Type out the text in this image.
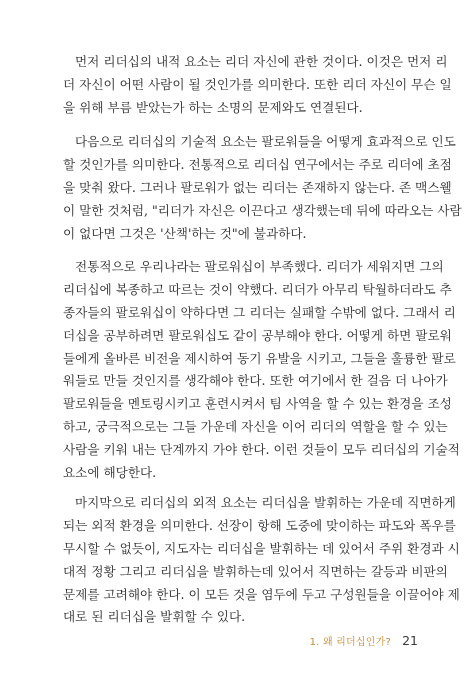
먼저 리더십의 내적 요소는 리더 자신에 관한 것이다. 이것은 먼저 리
더 자신이 어떤 사람이 될 것인가를 의미한다. 또한 리더 자신이 무슨 일
을 위해 부름 받았는가 하는 소명의 문제와도 연결된다.
다음으로 리더십의 기술적 요소는 팔로워들을 어떻게 효과적으로 인도
할 것인가를 의미한다. 전통적으로 리더십 연구에서는 주로 리더에 초점
을 맞춰 왔다. 그러나 팔로워가 없는 리더는 존재하지 않는다. 존 맥스웰
이 말한 것처럼, "리더가 자신은 이끈다고 생각했는데 뒤에 따라오는 사람
이 없다면 그것은 '산책'하는 것"에 불과하다.
전통적으로 우리나라는 팔로워십이 부족했다. 리더가 세워지면 그의
리더십에 복종하고 따르는 것이 약했다. 리더가 아무리 탁월하더라도 추
종자들의 팔로워십이 약하다면 그 리더는 실패할 수밖에 없다. 그래서 리
더십을 공부하려면 팔로워십도 같이 공부해야 한다. 어떻게 하면 팔로워
들에게 올바른 비전을 제시하여 동기 유발을 시키고, 그들을 훌륭한 팔로
워들로 만들 것인지를 생각해야 한다. 또한 여기에서 한 걸음 더 나아가
팔로워들을 멘토링시키고 훈련시켜서 팀 사역을 할 수 있는 환경을 조성
하고, 궁극적으로는 그들 가운데 자신을 이어 리더의 역할을 할 수 있는
사람을 키워 내는 단계까지 가야 한다. 이런 것들이 모두 리더십의 기술적
요소에 해당한다.
마지막으로 리더십의 외적 요소는 리더십을 발휘하는 가운데 직면하게
되는 외적 환경을 의미한다. 선장이 항해 도중에 맞이하는 파도와 폭우를
무시할 수 없듯이, 지도자는 리더십을 발휘하는 데 있어서 주위 환경과 시
대적 정황 그리고 리더십을 발휘하는데 있어서 직면하는 갈등과 비판의
문제를 고려해야 한다. 이 모든 것을 염두에 두고 구성원들을 이끌어야 제
대로 된 리더십을 발휘할 수 있다.
1. 왜 리더십인가? 21
